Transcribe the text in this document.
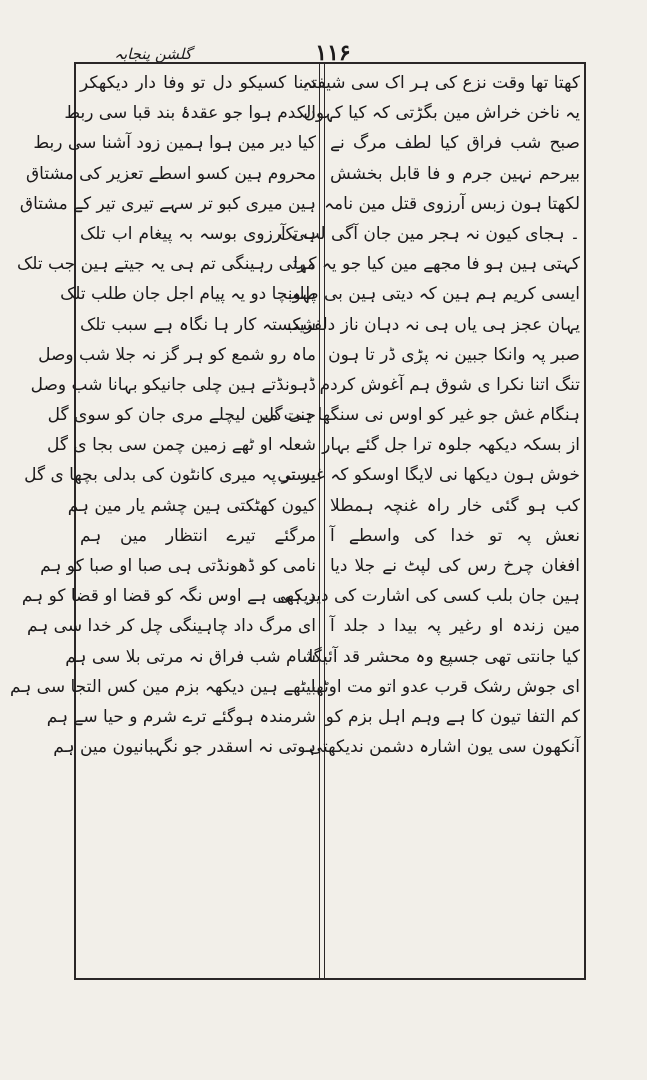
گلشن پنجابہ	۱۱۶
کھتا تھا وقت نزع کی ہر اک سی شیفتہ
یہ ناخن خراش مین بگڑتی کہ کیا کہون
صبح شب فراق کیا لطف مرگ نے
بیرحم نہین جرم و فا قابل بخشش
لکھتا ہون زبس آرزوی قتل مین نامہ
۔ ہجای کیون نہ ہجر مین جان آگی لب تک
کہتی ہین ہو فا مجھے مین کیا جو یہ کہا
ایسی کریم ہم ہین کہ دیتی ہین بی طلب
یہان عجز ہی یاں ہی نہ دہان ناز دلفریب
صبر پہ وانکا جبین نہ پڑی ڈر تا ہون
تنگ اتنا نکرا ی شوق ہم آغوش کردم
ہنگام غش جو غیر کو اوس نی سنگھا ہی گل
از بسکہ دیکھہ جلوہ ترا جل گئے بہار
خوش ہون دیکھا نی لایگا اوسکو کہ غیر نی
کب ہو گئی خار راہ غنچہ ہمطلا
نعش پہ تو خدا کی واسطے آ
افغان چرخ رس کی لپٹ نے جلا دیا
ہین جان بلب کسی کی اشارت کی دیر ہی
مین زندہ او رغیر پہ بیدا د جلد آ
کیا جانتی تھی جسپع وہ محشر قد آئیگا
ای جوش رشک قرب عدو اتو مت اوٹھا
کم التفا تیون کا ہے وہم اہل بزم کو
آنکھون سی یون اشارہ دشمن ندیکھتی
دینا کسیکو دل تو وفا دار دیکھکر
الکدم ہوا جو عقدۂ بند قبا سی ربط
کیا دیر مین ہوا ہمین زود آشنا سی ربط
محروم ہین کسو اسطے تعزیر کی مشتاق
ہین میری کبو تر سہے تیری تیر کے مشتاق
ہی آرزوی بوسہ بہ پیغام اب تلک
مرتی رہینگی تم ہی یہ جیتے ہین جب تلک
پہونچا دو یہ پیام اجل جان طلب تلک
شکستہ کار ہا نگاہ ہے سبب تلک
ماہ رو شمع کو ہر گز نہ جلا شب وصل
ڈہونڈتے ہین چلی جانیکو بہانا شب وصل
جنت مین لیچلے مری جان کو سوی گل
شعلہ او ٹھے زمین چمن سی بجا ی گل
بستر پہ میری کانٹون کی بدلی بچھا ی گل
کیون کھٹکتی ہین چشم یار مین ہم
مرگئے تیرے انتظار مین ہم
نامی کو ڈھونڈتی ہی صبا او صبا کو ہم
دیکھی ہے اوس نگہ کو قضا او قضا کو ہم
ای مرگ داد چاہینگی چل کر خدا سی ہم
شام شب فراق نہ مرتی بلا سی ہم
بیٹھے ہین دیکھہ بزم مین کس التجا سی ہم
شرمندہ ہوگئے ترے شرم و حیا سے ہم
ہوتی نہ اسقدر جو نگہبانیون مین ہم
